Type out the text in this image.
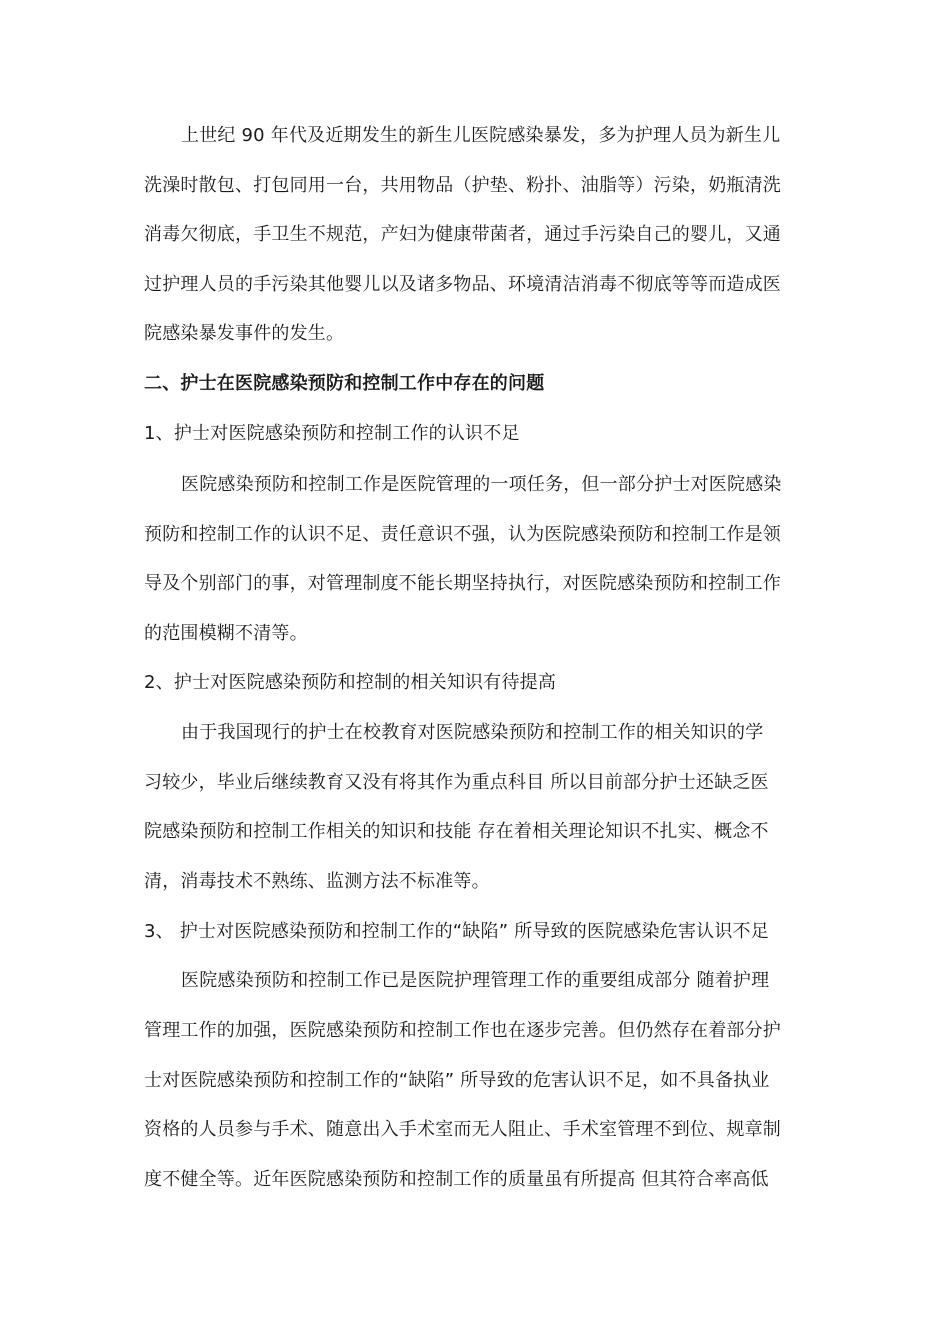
上世纪 90 年代及近期发生的新生儿医院感染暴发，多为护理人员为新生儿
洗澡时散包、打包同用一台，共用物品（护垫、粉扑、油脂等）污染，奶瓶清洗
消毒欠彻底，手卫生不规范，产妇为健康带菌者，通过手污染自己的婴儿，又通
过护理人员的手污染其他婴儿以及诸多物品、环境清洁消毒不彻底等等而造成医
院感染暴发事件的发生。
二、护士在医院感染预防和控制工作中存在的问题
1、护士对医院感染预防和控制工作的认识不足
医院感染预防和控制工作是医院管理的一项任务，但一部分护士对医院感染
预防和控制工作的认识不足、责任意识不强，认为医院感染预防和控制工作是领
导及个别部门的事，对管理制度不能长期坚持执行，对医院感染预防和控制工作
的范围模糊不清等。
2、护士对医院感染预防和控制的相关知识有待提高
由于我国现行的护士在校教育对医院感染预防和控制工作的相关知识的学
习较少，毕业后继续教育又没有将其作为重点科目 所以目前部分护士还缺乏医
院感染预防和控制工作相关的知识和技能 存在着相关理论知识不扎实、概念不
清，消毒技术不熟练、监测方法不标准等。
3、 护士对医院感染预防和控制工作的“缺陷” 所导致的医院感染危害认识不足
医院感染预防和控制工作已是医院护理管理工作的重要组成部分 随着护理
管理工作的加强，医院感染预防和控制工作也在逐步完善。但仍然存在着部分护
士对医院感染预防和控制工作的“缺陷” 所导致的危害认识不足，如不具备执业
资格的人员参与手术、随意出入手术室而无人阻止、手术室管理不到位、规章制
度不健全等。近年医院感染预防和控制工作的质量虽有所提高 但其符合率高低
